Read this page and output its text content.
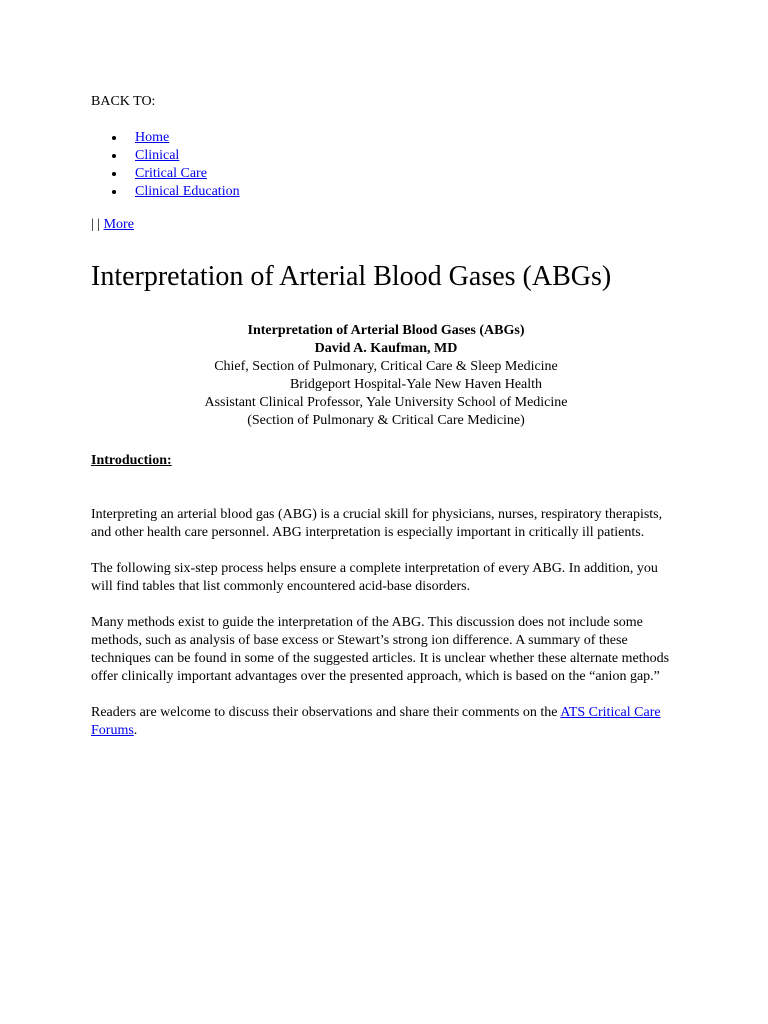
BACK TO:
Home
Clinical
Critical Care
Clinical Education
| | More
Interpretation of Arterial Blood Gases (ABGs)
Interpretation of Arterial Blood Gases (ABGs)
David A. Kaufman, MD
Chief, Section of Pulmonary, Critical Care & Sleep Medicine
Bridgeport Hospital-Yale New Haven Health
Assistant Clinical Professor, Yale University School of Medicine
(Section of Pulmonary & Critical Care Medicine)
Introduction:

Interpreting an arterial blood gas (ABG) is a crucial skill for physicians, nurses, respiratory therapists, and other health care personnel. ABG interpretation is especially important in critically ill patients.

The following six-step process helps ensure a complete interpretation of every ABG. In addition, you will find tables that list commonly encountered acid-base disorders.

Many methods exist to guide the interpretation of the ABG. This discussion does not include some methods, such as analysis of base excess or Stewart’s strong ion difference. A summary of these techniques can be found in some of the suggested articles. It is unclear whether these alternate methods offer clinically important advantages over the presented approach, which is based on the “anion gap.”

Readers are welcome to discuss their observations and share their comments on the ATS Critical Care Forums.
